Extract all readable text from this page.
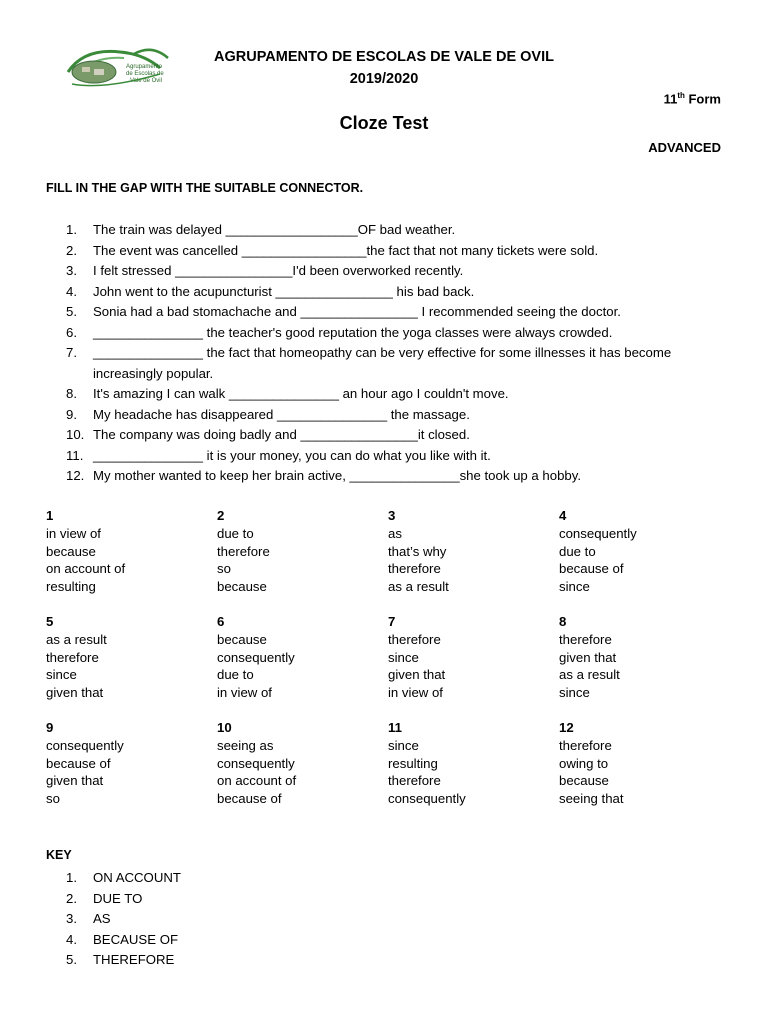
Agrupamento
de Escolas de
Vale de Ovil
AGRUPAMENTO DE ESCOLAS DE VALE DE OVIL
2019/2020
11th Form
Cloze Test
ADVANCED
FILL IN THE GAP WITH THE SUITABLE CONNECTOR.
1.	The train was delayed __________________OF bad weather.
2.	The event was cancelled _________________the fact that not many tickets were sold.
3.	I felt stressed ________________I'd been overworked recently.
4.	John went to the acupuncturist ________________ his bad back.
5.	Sonia had a bad stomachache and ________________ I recommended seeing the doctor.
6.	_______________ the teacher's good reputation the yoga classes were always crowded.
7.	_______________ the fact that homeopathy can be very effective for some illnesses it has become increasingly popular.
8.	It's amazing I can walk _______________ an hour ago I couldn't move.
9.	My headache has disappeared _______________ the massage.
10. The company was doing badly and ________________it closed.
11. _______________ it is your money, you can do what you like with it.
12. My mother wanted to keep her brain active, _______________she took up a hobby.
1
in view of
because
on account of
resulting
2
due to
therefore
so
because
3
as
that’s why
therefore
as a result
4
consequently
due to
because of
since
5
as a result
therefore
since
given that
6
because
consequently
due to
in view of
7
therefore
since
given that
in view of
8
therefore
given that
as a result
since
9
consequently
because of
given that
so
10
seeing as
consequently
on account of
because of
11
since
resulting
therefore
consequently
12
therefore
owing to
because
seeing that
KEY
1.	ON ACCOUNT
2.	DUE TO
3.	AS
4.	BECAUSE OF
5.	THEREFORE
